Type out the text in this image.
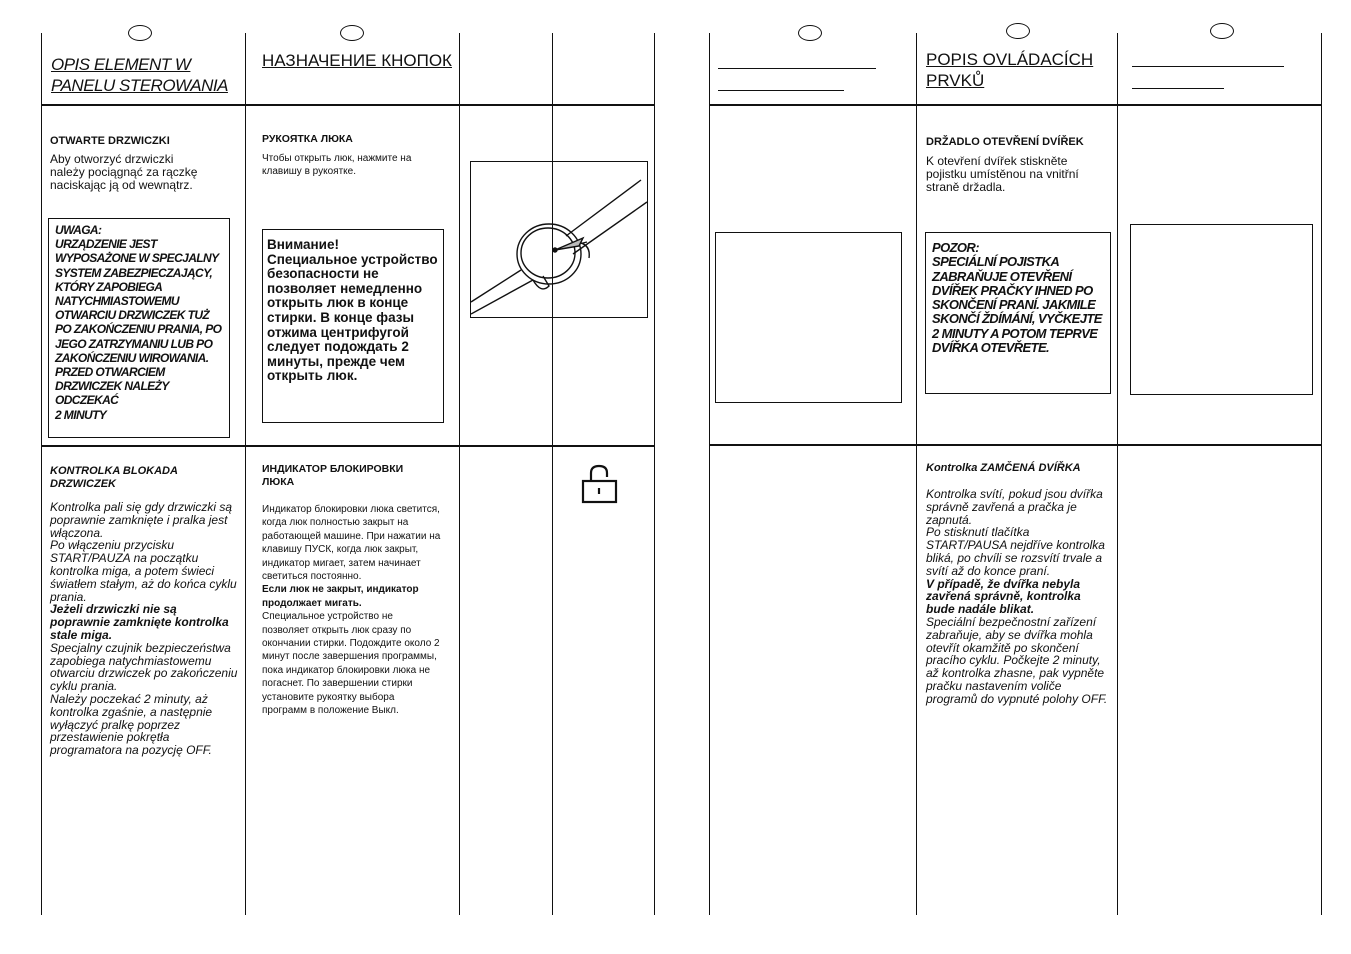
OPIS ELEMENT W PANELU STEROWANIA
НАЗНАЧЕНИЕ КНОПОК
OTWARTE DRZWICZKI
Aby otworzyć drzwiczki należy pociągnąć za rączkę naciskając ją od wewnątrz.
UWAGA:
URZĄDZENIE JEST WYPOSAŻONE W SPECJALNY SYSTEM ZABEZPIECZAJĄCY, KTÓRY ZAPOBIEGA NATYCHMIASTOWEMU OTWARCIU DRZWICZEK TUŻ PO ZAKOŃCZENIU PRANIA, PO JEGO ZATRZYMANIU LUB PO ZAKOŃCZENIU WIROWANIA. PRZED OTWARCIEM DRZWICZEK NALEŻY ODCZEKAĆ
2 MINUTY
РУКОЯТКА ЛЮКА
Чтобы открыть люк, нажмите на клавишу в рукоятке.
Внимание!
Специальное устройство безопасности не позволяет немедленно открыть люк в конце стирки. В конце фазы отжима центрифугой следует подождать 2 минуты, прежде чем открыть люк.
KONTROLKA BLOKADA DRZWICZEK
Kontrolka pali się gdy drzwiczki są poprawnie zamknięte i pralka jest włączona.
Po włączeniu przycisku START/PAUZA na początku kontrolka miga, a potem świeci światłem stałym, aż do końca cyklu prania.
Jeżeli drzwiczki nie są poprawnie zamknięte kontrolka stale miga.
Specjalny czujnik bezpieczeństwa zapobiega natychmiastowemu otwarciu drzwiczek po zakończeniu cyklu prania.
Należy poczekać 2 minuty, aż kontrolka zgaśnie, a następnie wyłączyć pralkę poprzez przestawienie pokrętła programatora na pozycję OFF.
ИНДИКАТОР БЛОКИРОВКИ ЛЮКА
Индикатор блокировки люка светится, когда люк полностью закрыт на работающей машине. При нажатии на клавишу ПУСК, когда люк закрыт, индикатор мигает, затем начинает светиться постоянно.
Если люк не закрыт, индикатор продолжает мигать.
Специальное устройство не позволяет открыть люк сразу по окончании стирки. Подождите около 2 минут после завершения программы, пока индикатор блокировки люка не погаснет. По завершении стирки установите рукоятку выбора программ в положение Выкл.
POPIS OVLÁDACÍCH PRVKŮ
DRŽADLO OTEVŘENÍ DVÍŘEK
K otevření dvířek stiskněte pojistku umístěnou na vnitřní straně držadla.
POZOR:
SPECIÁLNÍ POJISTKA ZABRAŇUJE OTEVŘENÍ DVÍŘEK PRAČKY IHNED PO SKONČENÍ PRANÍ. JAKMILE SKONČÍ ŽDÍMÁNÍ, VYČKEJTE 2 MINUTY A POTOM TEPRVE DVÍŘKA OTEVŘETE.
Kontrolka ZAMČENÁ DVÍŘKA
Kontrolka svítí, pokud jsou dvířka správně zavřená a pračka je zapnutá.
Po stisknutí tlačítka START/PAUSA nejdříve kontrolka bliká, po chvíli se rozsvítí trvale a svítí až do konce praní.
V případě, že dvířka nebyla zavřená správně, kontrolka bude nadále blikat.
Speciální bezpečnostní zařízení zabraňuje, aby se dvířka mohla otevřít okamžitě po skončení pracího cyklu. Počkejte 2 minuty, až kontrolka zhasne, pak vypněte pračku nastavením voliče programů do vypnuté polohy OFF.
